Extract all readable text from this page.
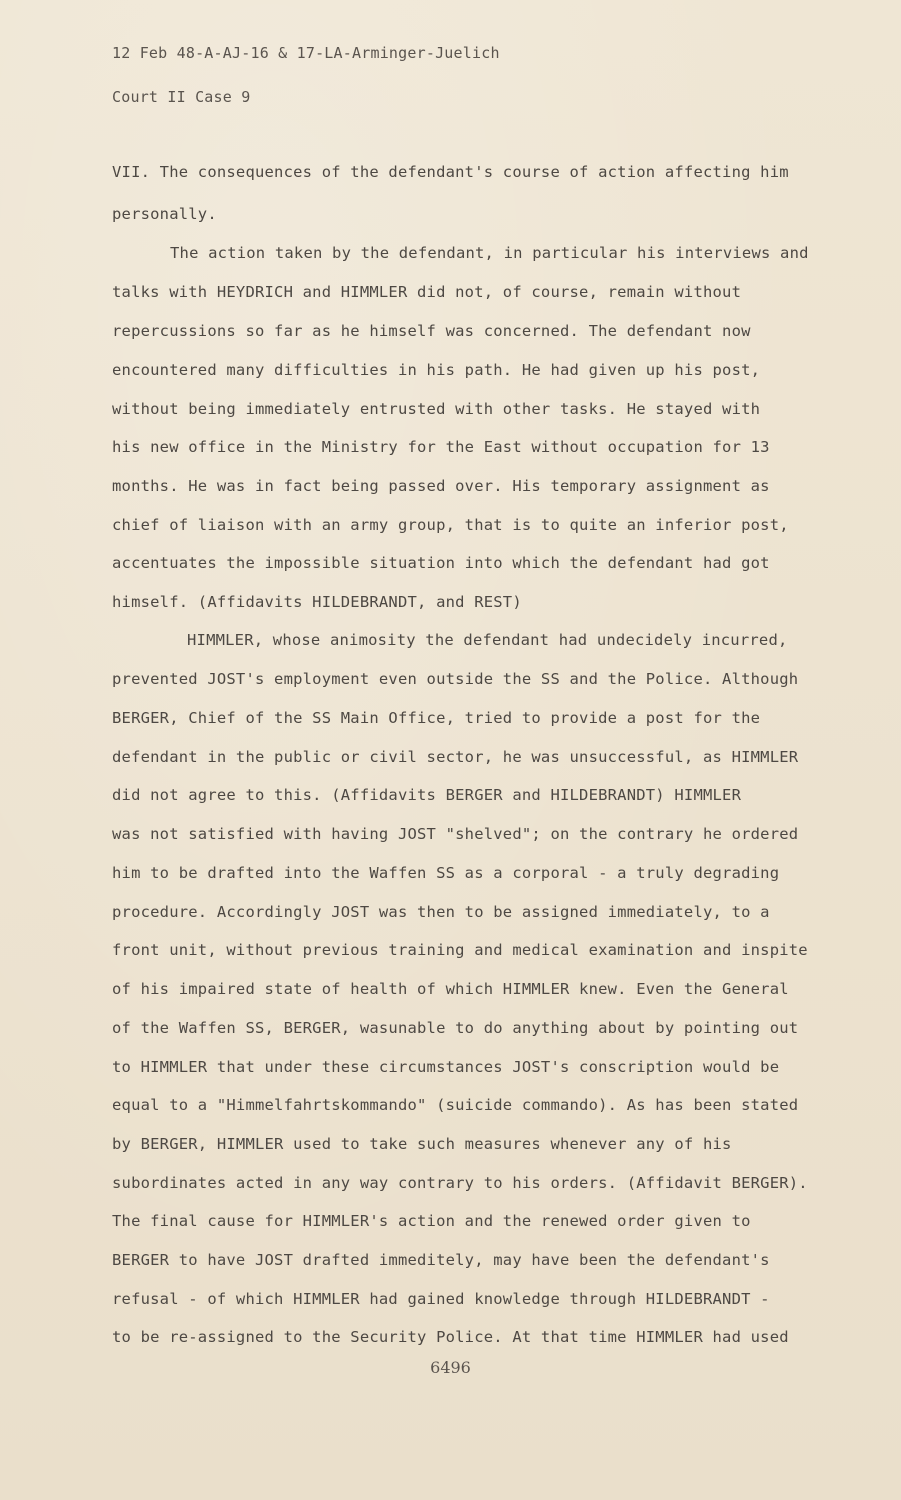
12 Feb 48-A-AJ-16 & 17-LA-Arminger-Juelich
Court II Case 9
VII. The consequences of the defendant's course of action affecting him
personally.
The action taken by the defendant, in particular his interviews and
talks with HEYDRICH and HIMMLER did not, of course, remain without
repercussions so far as he himself was concerned. The defendant now
encountered many difficulties in his path. He had given up his post,
without being immediately entrusted with other tasks. He stayed with
his new office in the Ministry for the East without occupation for 13
months. He was in fact being passed over. His temporary assignment as
chief of liaison with an army group, that is to quite an inferior post,
accentuates the impossible situation into which the defendant had got
himself. (Affidavits HILDEBRANDT, and REST)
HIMMLER, whose animosity the defendant had undecidely incurred,
prevented JOST's employment even outside the SS and the Police. Although
BERGER, Chief of the SS Main Office, tried to provide a post for the
defendant in the public or civil sector, he was unsuccessful, as HIMMLER
did not agree to this. (Affidavits BERGER and HILDEBRANDT) HIMMLER
was not satisfied with having JOST "shelved"; on the contrary he ordered
him to be drafted into the Waffen SS as a corporal - a truly degrading
procedure. Accordingly JOST was then to be assigned immediately, to a
front unit, without previous training and medical examination and inspite
of his impaired state of health of which HIMMLER knew. Even the General
of the Waffen SS, BERGER, wasunable to do anything about by pointing out
to HIMMLER that under these circumstances JOST's conscription would be
equal to a "Himmelfahrtskommando" (suicide commando). As has been stated
by BERGER, HIMMLER used to take such measures whenever any of his
subordinates acted in any way contrary to his orders. (Affidavit BERGER).
The final cause for HIMMLER's action and the renewed order given to
BERGER to have JOST drafted immeditely, may have been the defendant's
refusal - of which HIMMLER had gained knowledge through HILDEBRANDT -
to be re-assigned to the Security Police. At that time HIMMLER had used
6496
